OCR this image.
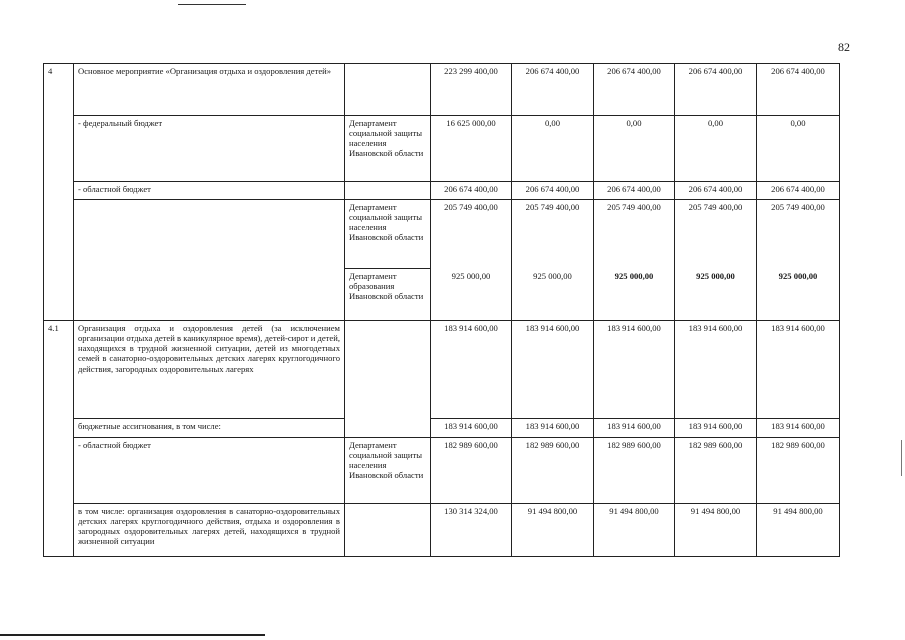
82
4	Основное мероприятие «Организация отдыха и оздоровления детей»		223 299 400,00	206 674 400,00	206 674 400,00	206 674 400,00	206 674 400,00
	- федеральный бюджет	Департамент социальной защиты населения Ивановской области	16 625 000,00	0,00	0,00	0,00	0,00
	- областной бюджет		206 674 400,00	206 674 400,00	206 674 400,00	206 674 400,00	206 674 400,00
		Департамент социальной защиты населения Ивановской области	205 749 400,00	205 749 400,00	205 749 400,00	205 749 400,00	205 749 400,00
		Департамент образования Ивановской области	925 000,00	925 000,00	925 000,00	925 000,00	925 000,00
4.1	Организация отдыха и оздоровления детей (за исключением организации отдыха детей в каникулярное время), детей-сирот и детей, находящихся в трудной жизненной ситуации, детей из многодетных семей в санаторно-оздоровительных детских лагерях круглогодичного действия, загородных оздоровительных лагерях		183 914 600,00	183 914 600,00	183 914 600,00	183 914 600,00	183 914 600,00
	бюджетные ассигнования, в том числе:		183 914 600,00	183 914 600,00	183 914 600,00	183 914 600,00	183 914 600,00
	- областной бюджет	Департамент социальной защиты населения Ивановской области	182 989 600,00	182 989 600,00	182 989 600,00	182 989 600,00	182 989 600,00
	в том числе: организация оздоровления в санаторно-оздоровительных детских лагерях круглогодичного действия, отдыха и оздоровления в загородных оздоровительных лагерях детей, находящихся в трудной жизненной ситуации		130 314 324,00	91 494 800,00	91 494 800,00	91 494 800,00	91 494 800,00
